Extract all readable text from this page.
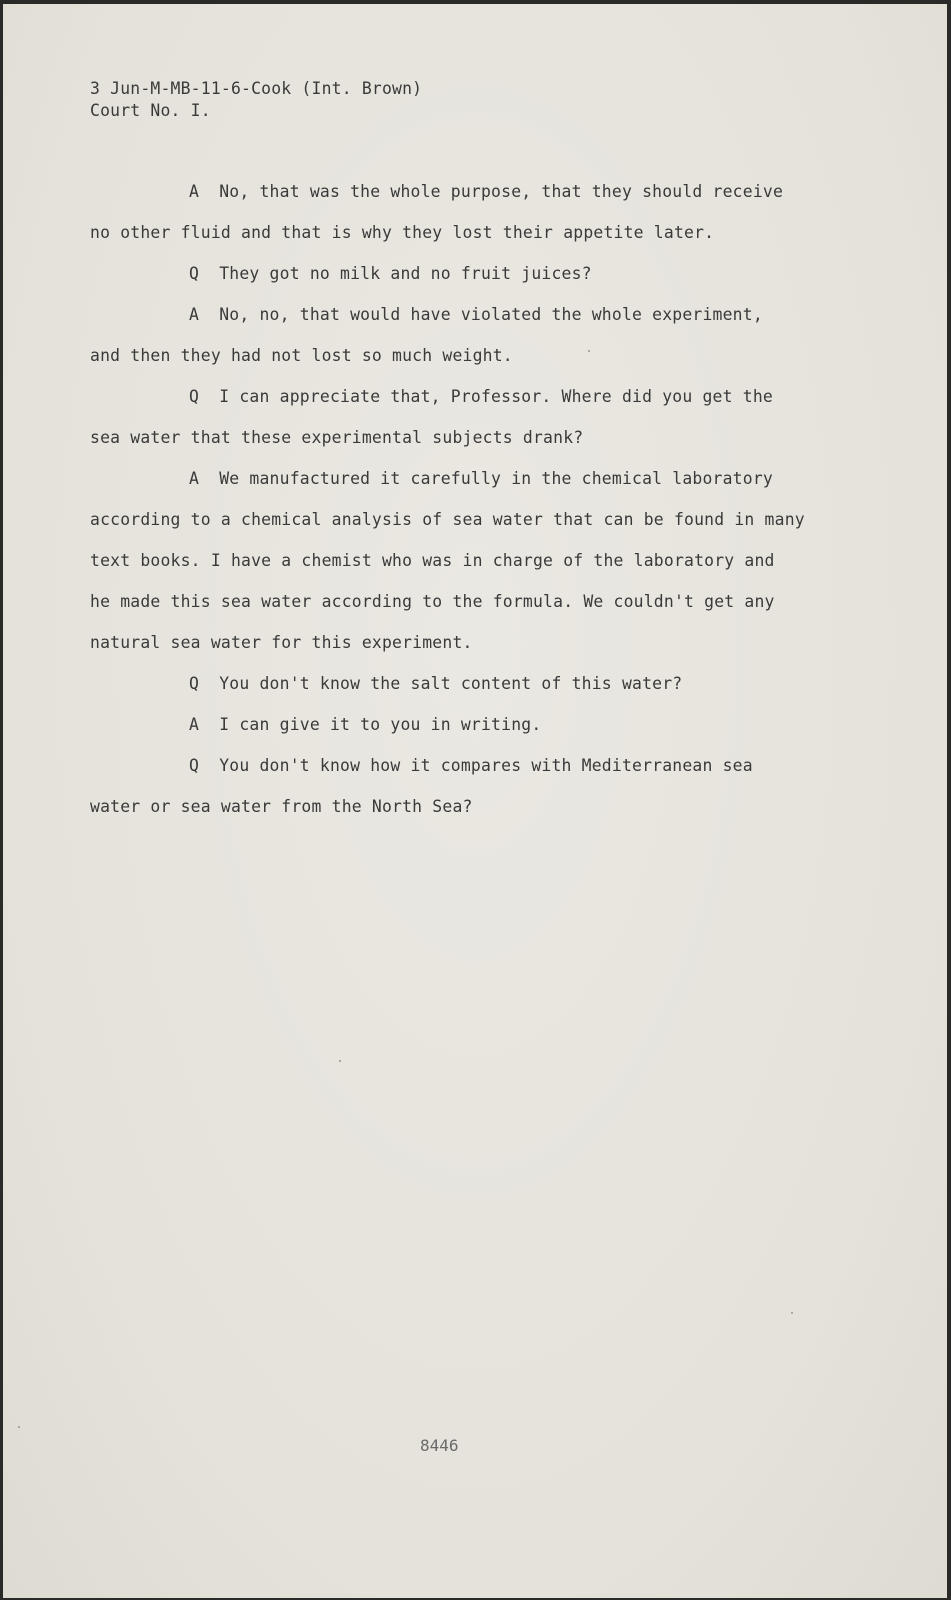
3 Jun-M-MB-11-6-Cook (Int. Brown)

Court No. I.

A No, that was the whole purpose, that they should receive

no other fluid and that is why they lost their appetite later.

Q They got no milk and no fruit juices?

A No, no, that would have violated the whole experiment,

and then they had not lost so much weight.

Q I can appreciate that, Professor. Where did you get the

sea water that these experimental subjects drank?

A We manufactured it carefully in the chemical laboratory

according to a chemical analysis of sea water that can be found in many

text books. I have a chemist who was in charge of the laboratory and

he made this sea water according to the formula. We couldn't get any

natural sea water for this experiment.

Q You don't know the salt content of this water?

A I can give it to you in writing.

Q You don't know how it compares with Mediterranean sea

water or sea water from the North Sea?

8446
